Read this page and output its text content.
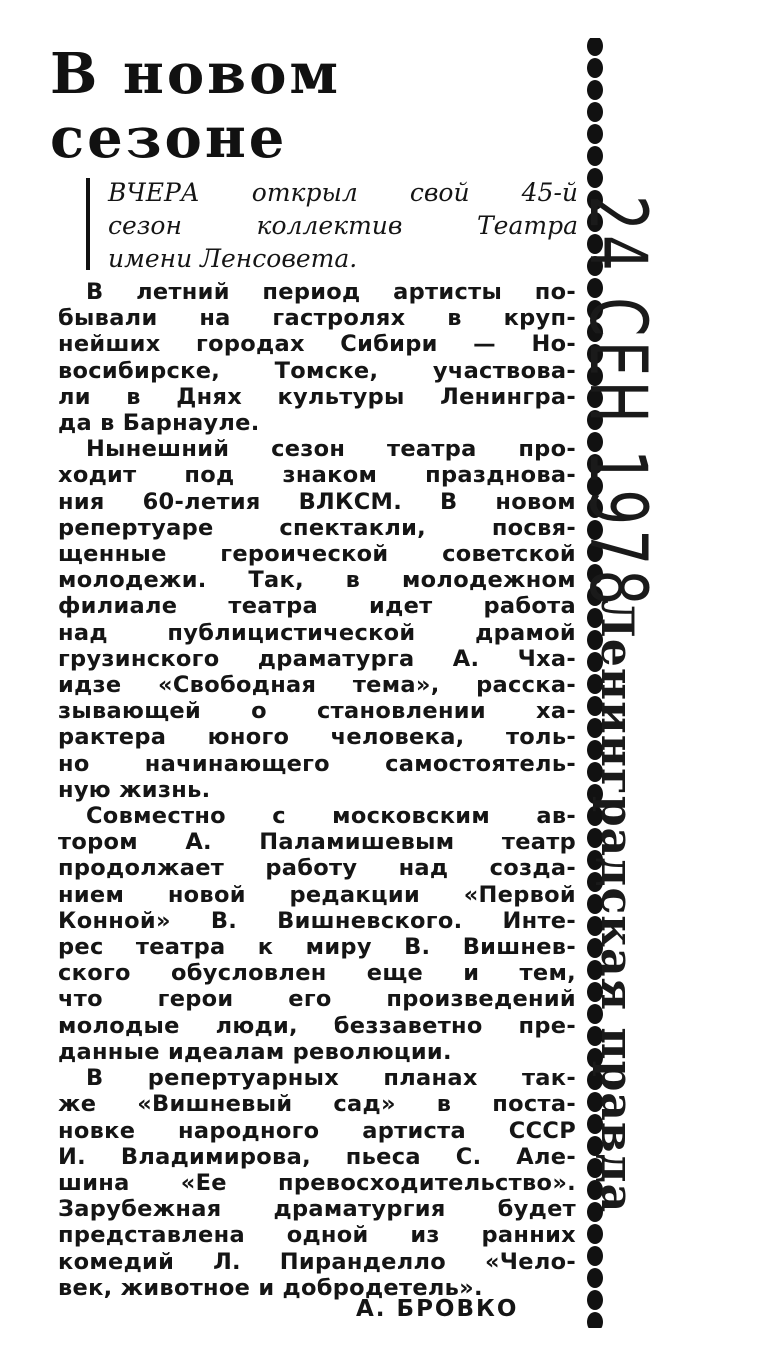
В новом
сезоне
ВЧЕРА открыл свой 45-й
сезон коллектив Театра
имени Ленсовета.
В летний период артисты по-
бывали на гастролях в круп-
нейших городах Сибири — Но-
восибирске, Томске, участвова-
ли в Днях культуры Ленингра-
да в Барнауле.
Нынешний сезон театра про-
ходит под знаком празднова-
ния 60-летия ВЛКСМ. В новом
репертуаре спектакли, посвя-
щенные героической советской
молодежи. Так, в молодежном
филиале театра идет работа
над публицистической драмой
грузинского драматурга А. Чха-
идзе «Свободная тема», расска-
зывающей о становлении ха-
рактера юного человека, толь-
но начинающего самостоятель-
ную жизнь.
Совместно с московским ав-
тором А. Паламишевым театр
продолжает работу над созда-
нием новой редакции «Первой
Конной» В. Вишневского. Инте-
рес театра к миру В. Вишнев-
ского обусловлен еще и тем,
что герои его произведений
молодые люди, беззаветно пре-
данные идеалам революции.
В репертуарных планах так-
же «Вишневый сад» в поста-
новке народного артиста СССР
И. Владимирова, пьеса С. Але-
шина «Ее превосходительство».
Зарубежная драматургия будет
представлена одной из ранних
комедий Л. Пиранделло «Чело-
век, животное и добродетель».
А. БРОВКО
24 СЕН 1978 Ленинградская правда
